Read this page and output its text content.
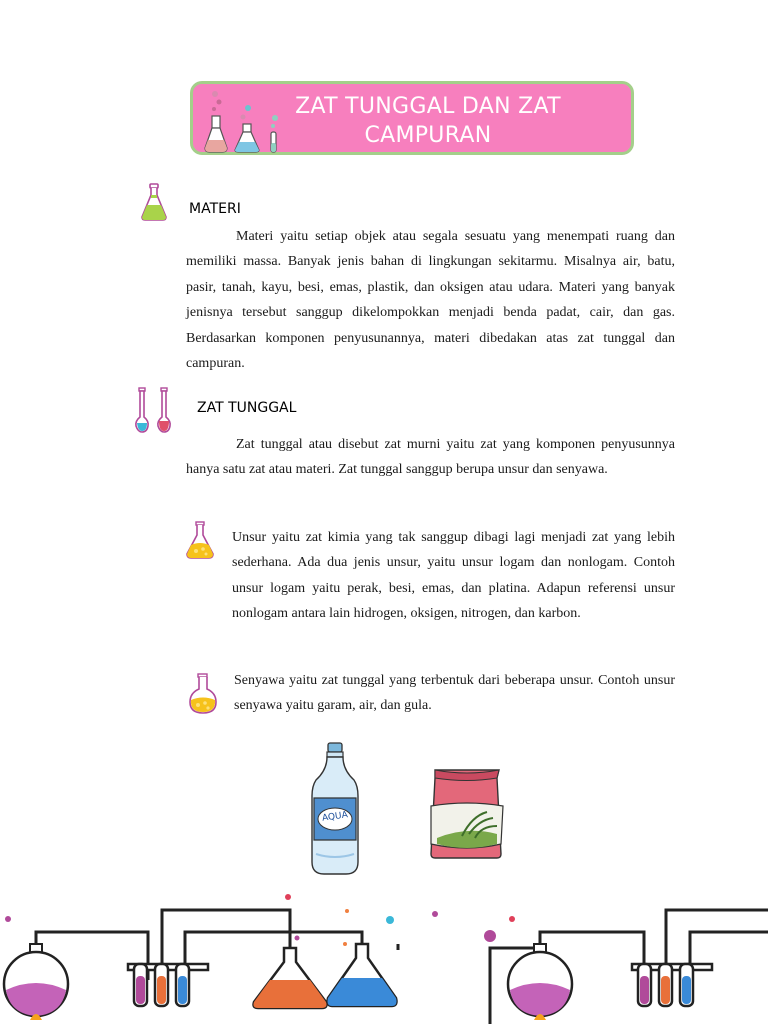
ZAT TUNGGAL DAN ZAT
CAMPURAN
MATERI

Materi yaitu setiap objek atau segala sesuatu yang menempati ruang dan memiliki massa. Banyak jenis bahan di lingkungan sekitarmu. Misalnya air, batu, pasir, tanah, kayu, besi, emas, plastik, dan oksigen atau udara. Materi yang banyak jenisnya tersebut sanggup dikelompokkan menjadi benda padat, cair, dan gas. Berdasarkan komponen penyusunannya, materi dibedakan atas zat tunggal dan campuran.

ZAT TUNGGAL

Zat tunggal atau disebut zat murni yaitu zat yang komponen penyusunnya hanya satu zat atau materi. Zat tunggal sanggup berupa unsur dan senyawa.

Unsur yaitu zat kimia yang tak sanggup dibagi lagi menjadi zat yang lebih sederhana. Ada dua jenis unsur, yaitu unsur logam dan nonlogam. Contoh unsur logam yaitu perak, besi, emas, dan platina. Adapun referensi unsur nonlogam antara lain hidrogen, oksigen, nitrogen, dan karbon.

Senyawa yaitu zat tunggal yang terbentuk dari beberapa unsur. Contoh unsur senyawa yaitu garam, air, dan gula.

AQUA
